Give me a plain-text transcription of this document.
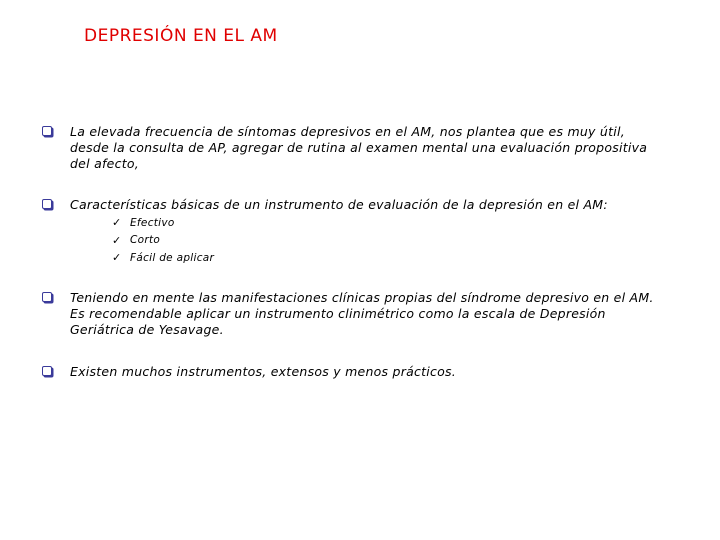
DEPRESIÓN EN EL AM
La elevada frecuencia de síntomas depresivos en el AM, nos plantea que es muy útil,
desde la consulta de AP, agregar de rutina al examen mental una evaluación propositiva
del afecto,
Características básicas de un instrumento de evaluación de la depresión en el AM:
✓ Efectivo
✓ Corto
✓ Fácil de aplicar
Teniendo en mente las manifestaciones clínicas propias del síndrome depresivo en el AM.
Es recomendable aplicar un instrumento clinimétrico como la escala de Depresión
Geriátrica de Yesavage.
Existen muchos instrumentos, extensos y menos prácticos.
